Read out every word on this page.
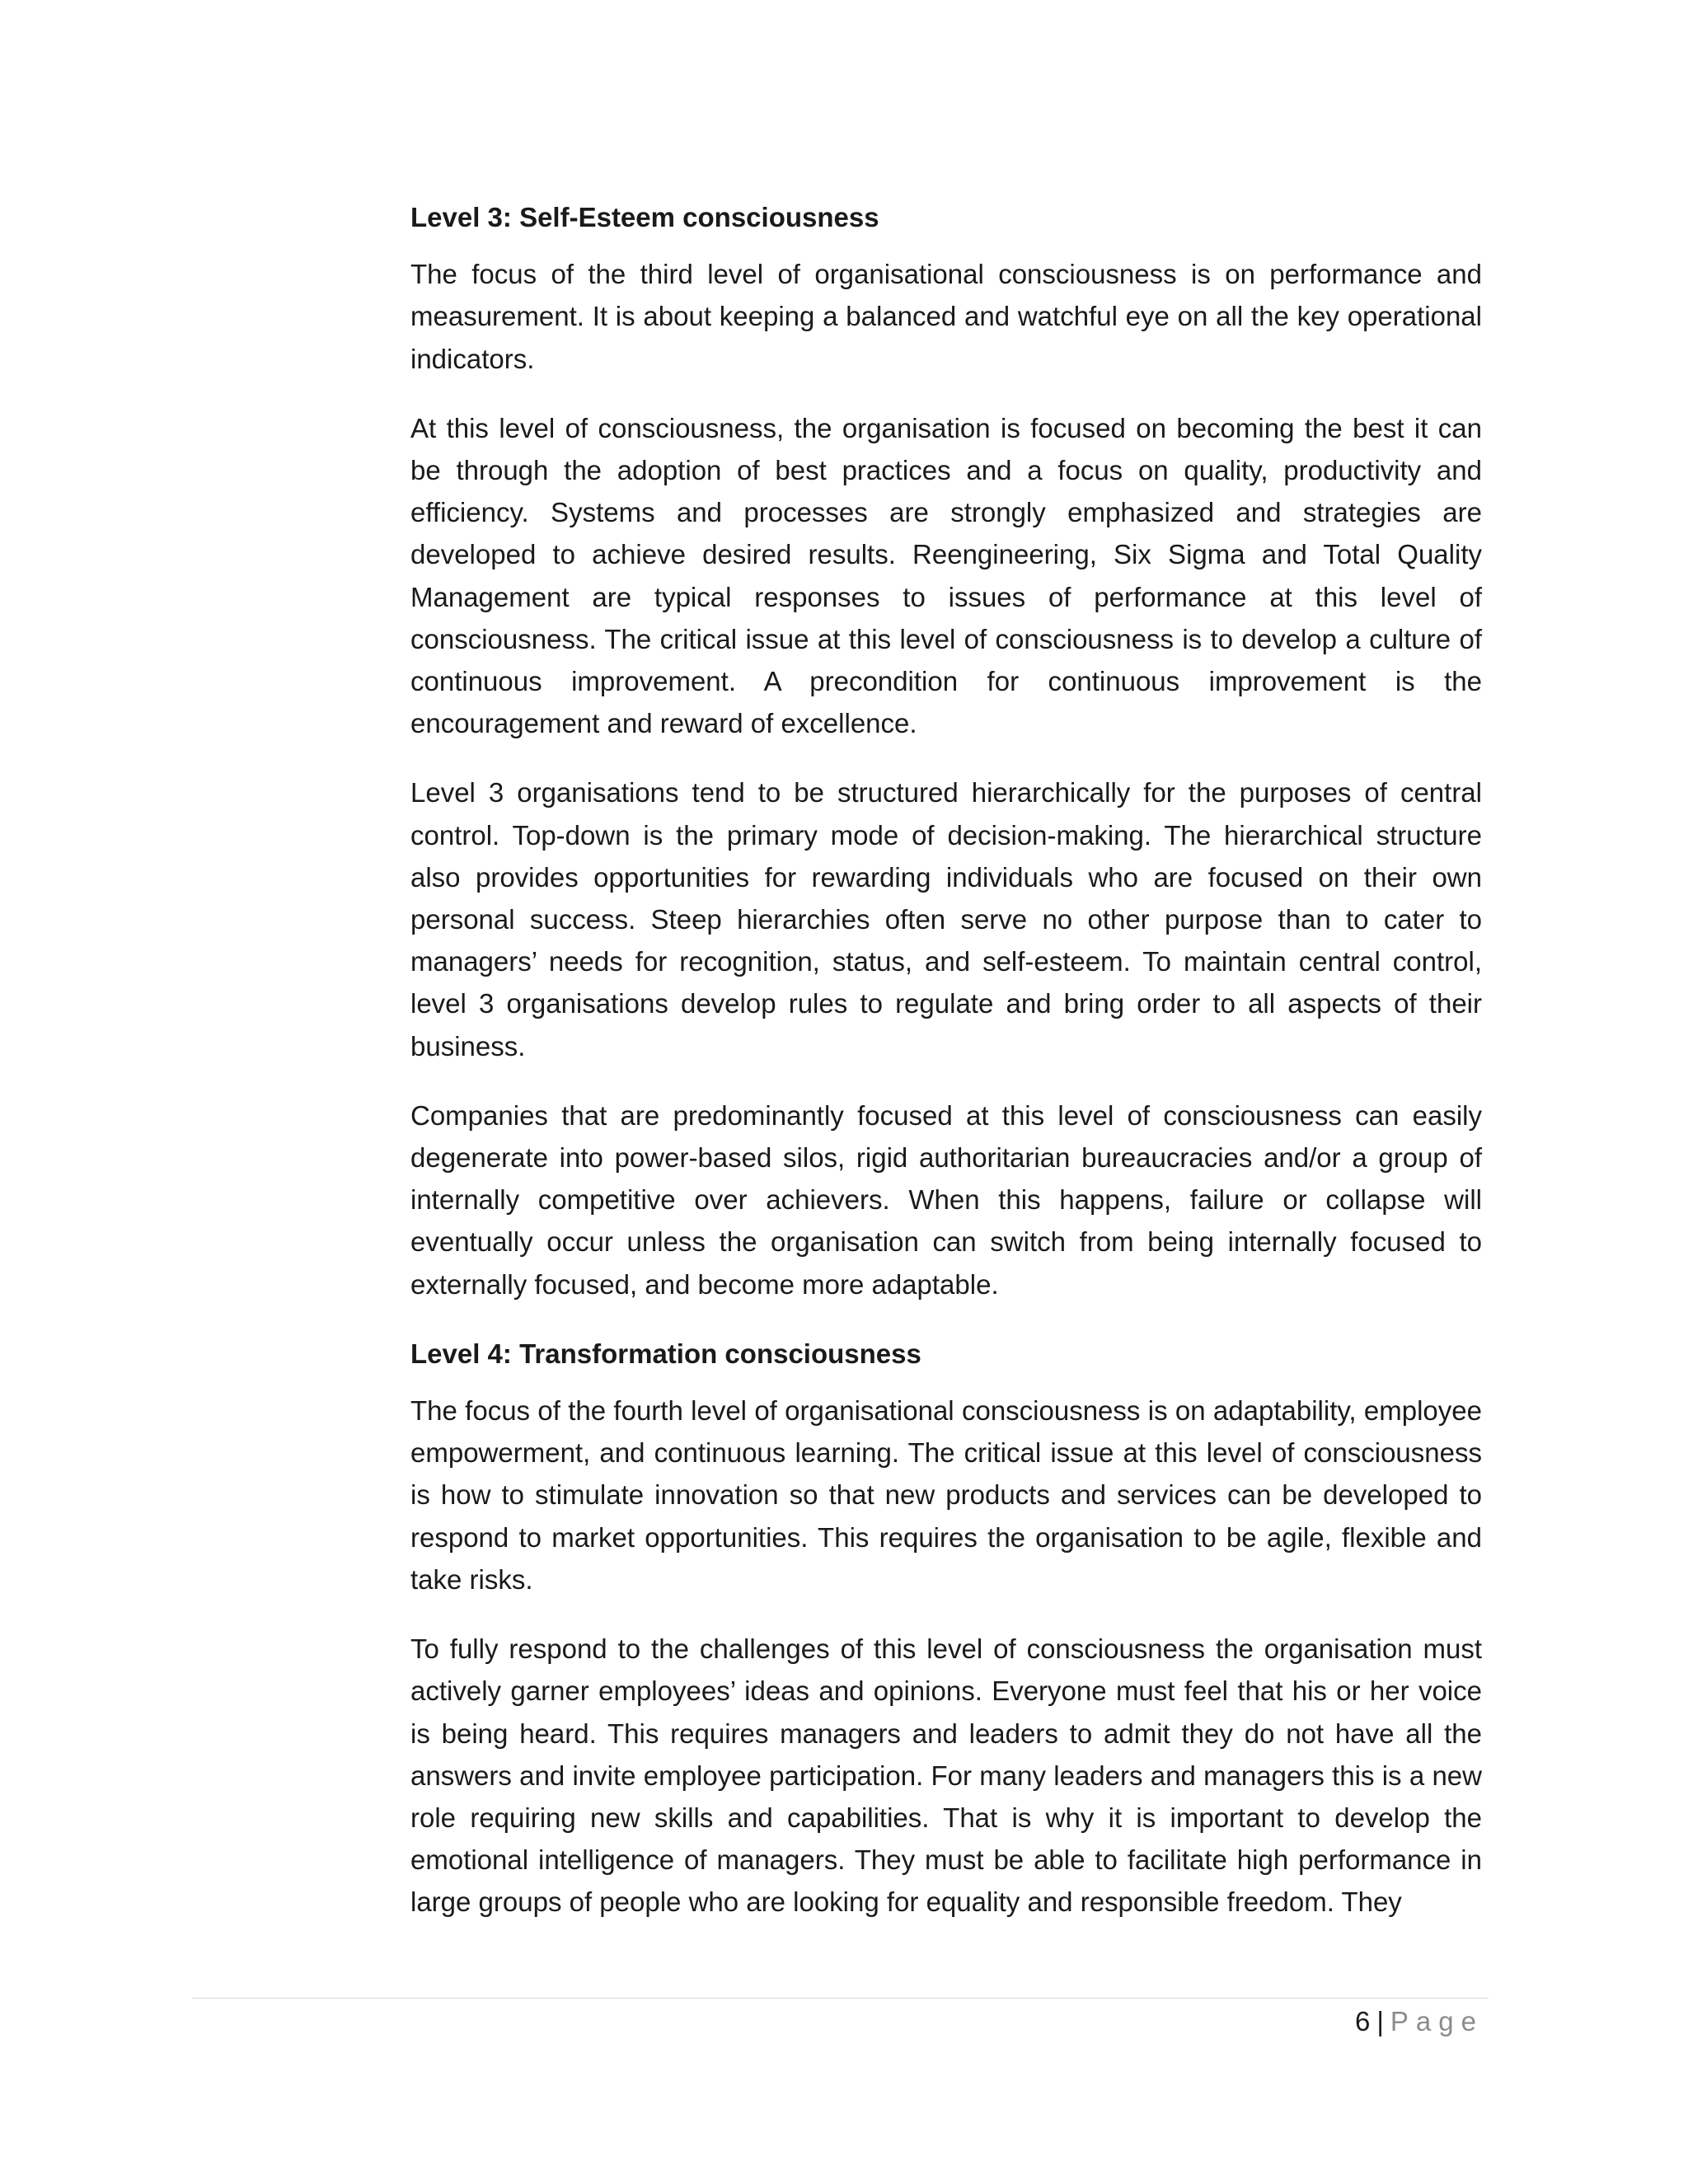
Level 3: Self-Esteem consciousness
The focus of the third level of organisational consciousness is on performance and measurement. It is about keeping a balanced and watchful eye on all the key operational indicators.
At this level of consciousness, the organisation is focused on becoming the best it can be through the adoption of best practices and a focus on quality, productivity and efficiency. Systems and processes are strongly emphasized and strategies are developed to achieve desired results. Reengineering, Six Sigma and Total Quality Management are typical responses to issues of performance at this level of consciousness. The critical issue at this level of consciousness is to develop a culture of continuous improvement. A precondition for continuous improvement is the encouragement and reward of excellence.
Level 3 organisations tend to be structured hierarchically for the purposes of central control. Top-down is the primary mode of decision-making. The hierarchical structure also provides opportunities for rewarding individuals who are focused on their own personal success. Steep hierarchies often serve no other purpose than to cater to managers’ needs for recognition, status, and self-esteem. To maintain central control, level 3 organisations develop rules to regulate and bring order to all aspects of their business.
Companies that are predominantly focused at this level of consciousness can easily degenerate into power-based silos, rigid authoritarian bureaucracies and/or a group of internally competitive over achievers. When this happens, failure or collapse will eventually occur unless the organisation can switch from being internally focused to externally focused, and become more adaptable.
Level 4: Transformation consciousness
The focus of the fourth level of organisational consciousness is on adaptability, employee empowerment, and continuous learning. The critical issue at this level of consciousness is how to stimulate innovation so that new products and services can be developed to respond to market opportunities. This requires the organisation to be agile, flexible and take risks.
To fully respond to the challenges of this level of consciousness the organisation must actively garner employees’ ideas and opinions. Everyone must feel that his or her voice is being heard. This requires managers and leaders to admit they do not have all the answers and invite employee participation. For many leaders and managers this is a new role requiring new skills and capabilities. That is why it is important to develop the emotional intelligence of managers. They must be able to facilitate high performance in large groups of people who are looking for equality and responsible freedom. They
6 | Page
